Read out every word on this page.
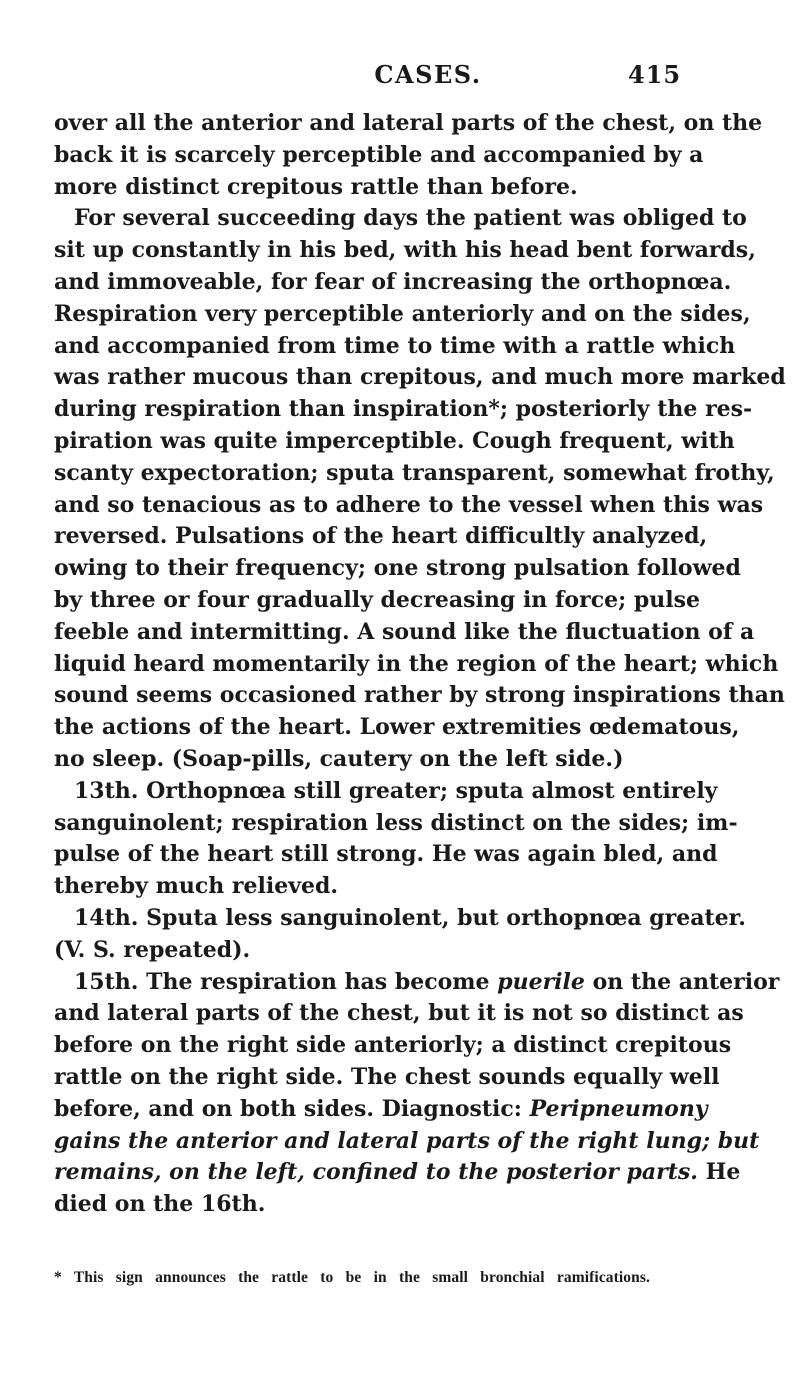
CASES.	415
over all the anterior and lateral parts of the chest, on the
back it is scarcely perceptible and accompanied by a
more distinct crepitous rattle than before.
For several succeeding days the patient was obliged to
sit up constantly in his bed, with his head bent forwards,
and immoveable, for fear of increasing the orthopnœa.
Respiration very perceptible anteriorly and on the sides,
and accompanied from time to time with a rattle which
was rather mucous than crepitous, and much more marked
during respiration than inspiration*; posteriorly the res-
piration was quite imperceptible. Cough frequent, with
scanty expectoration; sputa transparent, somewhat frothy,
and so tenacious as to adhere to the vessel when this was
reversed. Pulsations of the heart difficultly analyzed,
owing to their frequency; one strong pulsation followed
by three or four gradually decreasing in force; pulse
feeble and intermitting. A sound like the fluctuation of a
liquid heard momentarily in the region of the heart; which
sound seems occasioned rather by strong inspirations than
the actions of the heart. Lower extremities œdematous,
no sleep. (Soap-pills, cautery on the left side.)
13th. Orthopnœa still greater; sputa almost entirely
sanguinolent; respiration less distinct on the sides; im-
pulse of the heart still strong. He was again bled, and
thereby much relieved.
14th. Sputa less sanguinolent, but orthopnœa greater.
(V. S. repeated).
15th. The respiration has become puerile on the anterior
and lateral parts of the chest, but it is not so distinct as
before on the right side anteriorly; a distinct crepitous
rattle on the right side. The chest sounds equally well
before, and on both sides. Diagnostic: Peripneumony
gains the anterior and lateral parts of the right lung; but
remains, on the left, confined to the posterior parts. He
died on the 16th.
* This sign announces the rattle to be in the small bronchial ramifications.
